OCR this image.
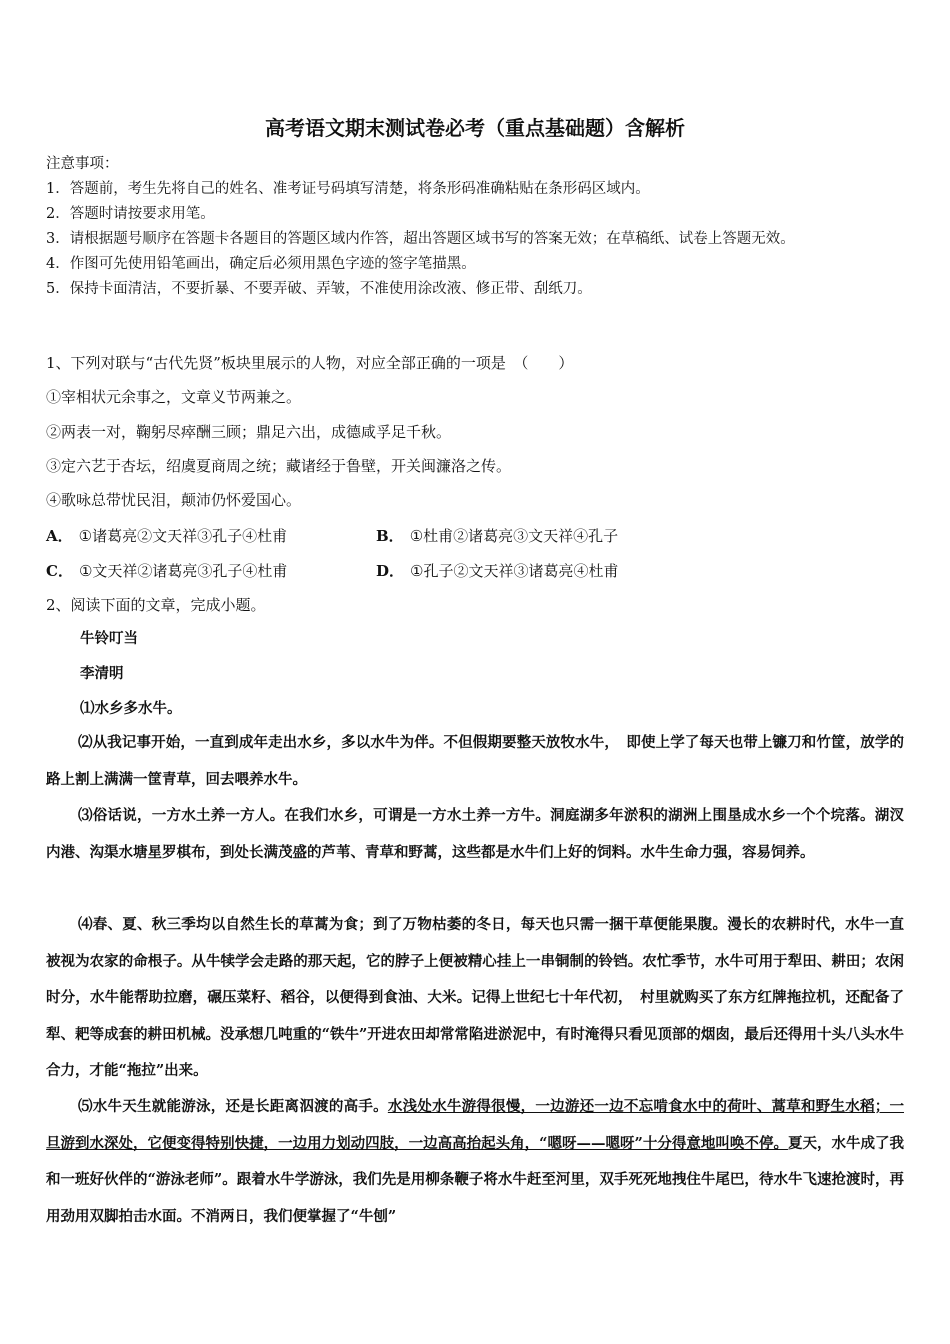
高考语文期末测试卷必考（重点基础题）含解析
注意事项：
1．答题前，考生先将自己的姓名、准考证号码填写清楚，将条形码准确粘贴在条形码区域内。
2．答题时请按要求用笔。
3．请根据题号顺序在答题卡各题目的答题区域内作答，超出答题区域书写的答案无效；在草稿纸、试卷上答题无效。
4．作图可先使用铅笔画出，确定后必须用黑色字迹的签字笔描黑。
5．保持卡面清洁，不要折暴、不要弄破、弄皱，不准使用涂改液、修正带、刮纸刀。
1、下列对联与“古代先贤”板块里展示的人物，对应全部正确的一项是　（　　）
①宰相状元余事之，文章义节两兼之。
②两表一对，鞠躬尽瘁酬三顾；鼎足六出，成德咸孚足千秋。
③定六艺于杏坛，绍虞夏商周之统；藏诸经于鲁壁，开关闽濂洛之传。
④歌咏总带忧民泪，颠沛仍怀爱国心。
A． ①诸葛亮②文天祥③孔子④杜甫	B． ①杜甫②诸葛亮③文天祥④孔子
C． ①文天祥②诸葛亮③孔子④杜甫	D． ①孔子②文天祥③诸葛亮④杜甫
2、阅读下面的文章，完成小题。
牛铃叮当
李清明
⑴水乡多水牛。
⑵从我记事开始，一直到成年走出水乡，多以水牛为伴。不但假期要整天放牧水牛，　即使上学了每天也带上镰刀和竹筐，放学的路上割上满满一筐青草，回去喂养水牛。
⑶俗话说，一方水土养一方人。在我们水乡，可谓是一方水土养一方牛。洞庭湖多年淤积的湖洲上围垦成水乡一个个垸落。湖汊内港、沟渠水塘星罗棋布，到处长满茂盛的芦苇、青草和野蒿，这些都是水牛们上好的饲料。水牛生命力强，容易饲养。
⑷春、夏、秋三季均以自然生长的草蒿为食；到了万物枯萎的冬日，每天也只需一捆干草便能果腹。漫长的农耕时代，水牛一直被视为农家的命根子。从牛犊学会走路的那天起，它的脖子上便被精心挂上一串铜制的铃铛。农忙季节，水牛可用于犁田、耕田；农闲时分，水牛能帮助拉磨，碾压菜籽、稻谷，以便得到食油、大米。记得上世纪七十年代初，　村里就购买了东方红牌拖拉机，还配备了犁、耙等成套的耕田机械。没承想几吨重的“铁牛”开进农田却常常陷进淤泥中，有时淹得只看见顶部的烟囱，最后还得用十头八头水牛合力，才能“拖拉”出来。
⑸水牛天生就能游泳，还是长距离泅渡的高手。水浅处水牛游得很慢，一边游还一边不忘啃食水中的荷叶、蒿草和野生水稻；一旦游到水深处，它便变得特别快捷，一边用力划动四肢，一边高高抬起头角，“嗯呀——嗯呀”十分得意地叫唤不停。夏天，水牛成了我和一班好伙伴的“游泳老师”。跟着水牛学游泳，我们先是用柳条鞭子将水牛赶至河里，双手死死地拽住牛尾巴，待水牛飞速抢渡时，再用劲用双脚拍击水面。不消两日，我们便掌握了“牛刨”
